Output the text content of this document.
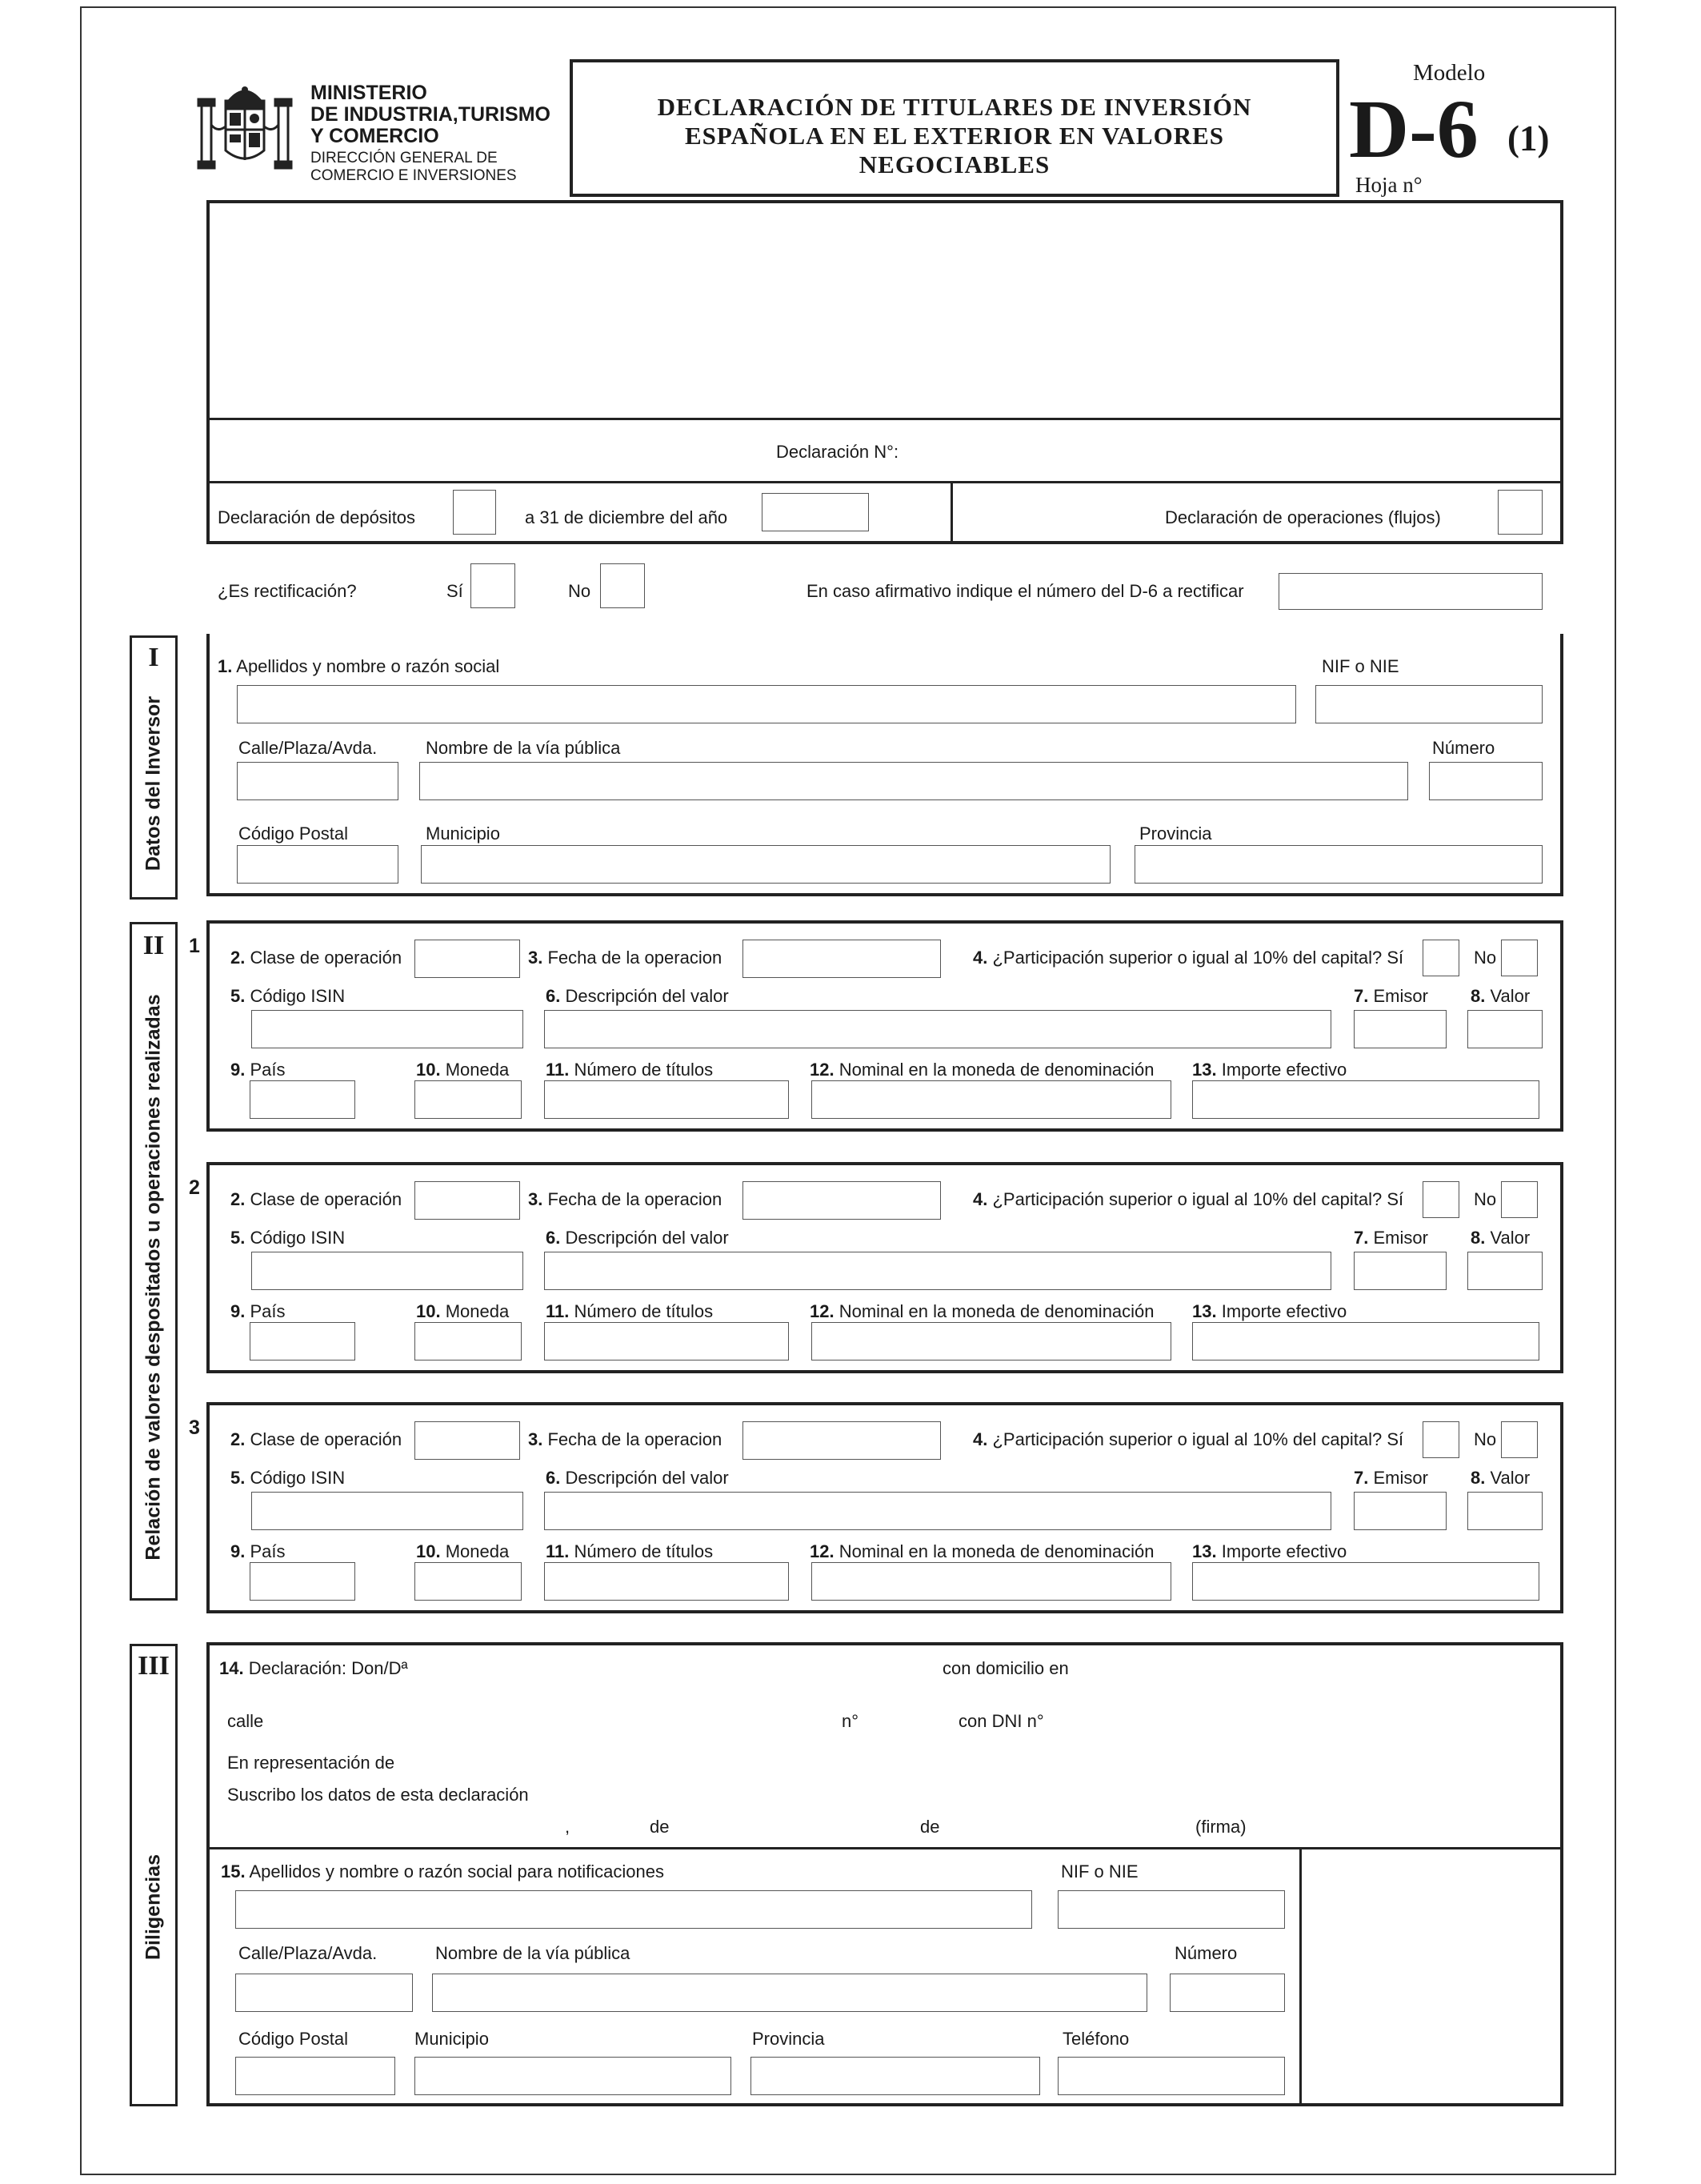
MINISTERIO
DE INDUSTRIA,TURISMO
Y COMERCIO
DIRECCIÓN GENERAL DE
COMERCIO E INVERSIONES
DECLARACIÓN DE TITULARES DE INVERSIÓN
ESPAÑOLA EN EL EXTERIOR EN VALORES
NEGOCIABLES
Modelo
D-6 (1)
Hoja n°
Declaración N°:
Declaración de depósitos	a 31 de diciembre del año	Declaración de operaciones (flujos)
¿Es rectificación?	Sí	No	En caso afirmativo indique el número del D-6 a rectificar
I
Datos del Inversor
1. Apellidos y nombre o razón social	NIF o NIE
Calle/Plaza/Avda.	Nombre de la vía pública	Número
Código Postal	Municipio	Provincia
II
Relación de valores despositados u operaciones realizadas
1
2. Clase de operación	3. Fecha de la operacion	4. ¿Participación superior o igual al 10% del capital? Sí	No
5. Código ISIN	6. Descripción del valor	7. Emisor 8. Valor
9. País	10. Moneda 11. Número de títulos	12. Nominal en la moneda de denominación 13. Importe efectivo
2
2. Clase de operación	3. Fecha de la operacion	4. ¿Participación superior o igual al 10% del capital? Sí	No
5. Código ISIN	6. Descripción del valor	7. Emisor 8. Valor
9. País	10. Moneda 11. Número de títulos	12. Nominal en la moneda de denominación 13. Importe efectivo
3
2. Clase de operación	3. Fecha de la operacion	4. ¿Participación superior o igual al 10% del capital? Sí	No
5. Código ISIN	6. Descripción del valor	7. Emisor 8. Valor
9. País	10. Moneda 11. Número de títulos	12. Nominal en la moneda de denominación 13. Importe efectivo
III
Diligencias
14. Declaración: Don/Dª	con domicilio en
calle	n°	con DNI n°
En representación de
Suscribo los datos de esta declaración
,	de	de	(firma)
15. Apellidos y nombre o razón social para notificaciones	NIF o NIE
Calle/Plaza/Avda.	Nombre de la vía pública	Número
Código Postal	Municipio	Provincia	Teléfono
